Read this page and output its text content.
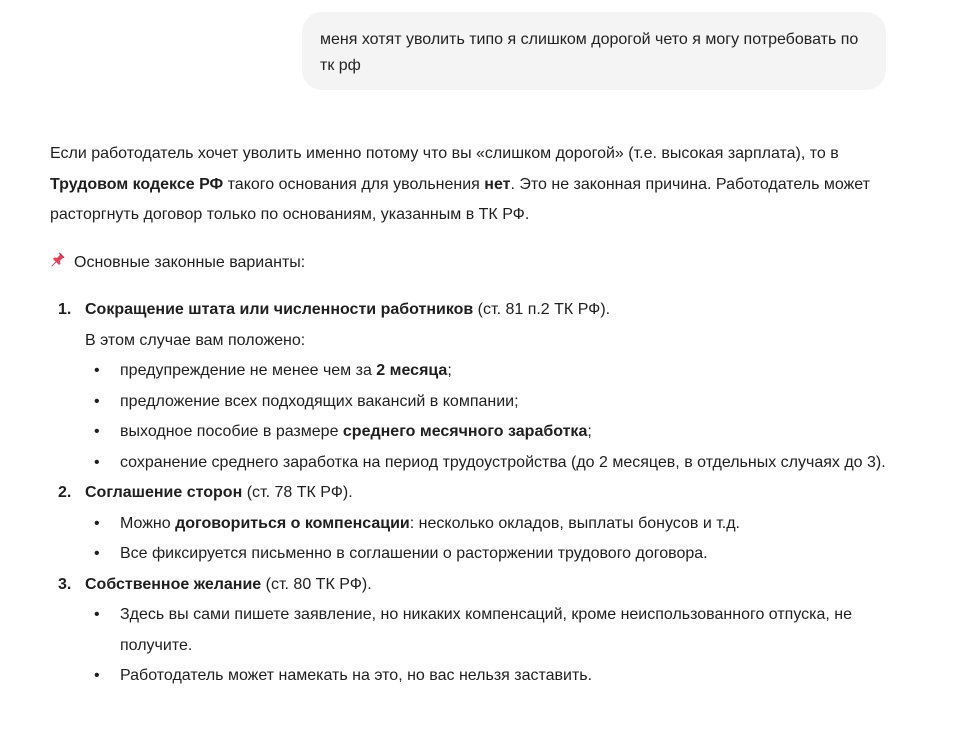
меня хотят уволить типо я слишком дорогой чето я могу потребовать по тк рф

Если работодатель хочет уволить именно потому что вы «слишком дорогой» (т.е. высокая зарплата), то в Трудовом кодексе РФ такого основания для увольнения нет. Это не законная причина. Работодатель может расторгнуть договор только по основаниям, указанным в ТК РФ.

Основные законные варианты:

1. Сокращение штата или численности работников (ст. 81 п.2 ТК РФ).
В этом случае вам положено:
• предупреждение не менее чем за 2 месяца;
• предложение всех подходящих вакансий в компании;
• выходное пособие в размере среднего месячного заработка;
• сохранение среднего заработка на период трудоустройства (до 2 месяцев, в отдельных случаях до 3).
2. Соглашение сторон (ст. 78 ТК РФ).
• Можно договориться о компенсации: несколько окладов, выплаты бонусов и т.д.
• Все фиксируется письменно в соглашении о расторжении трудового договора.
3. Собственное желание (ст. 80 ТК РФ).
• Здесь вы сами пишете заявление, но никаких компенсаций, кроме неиспользованного отпуска, не получите.
• Работодатель может намекать на это, но вас нельзя заставить.
